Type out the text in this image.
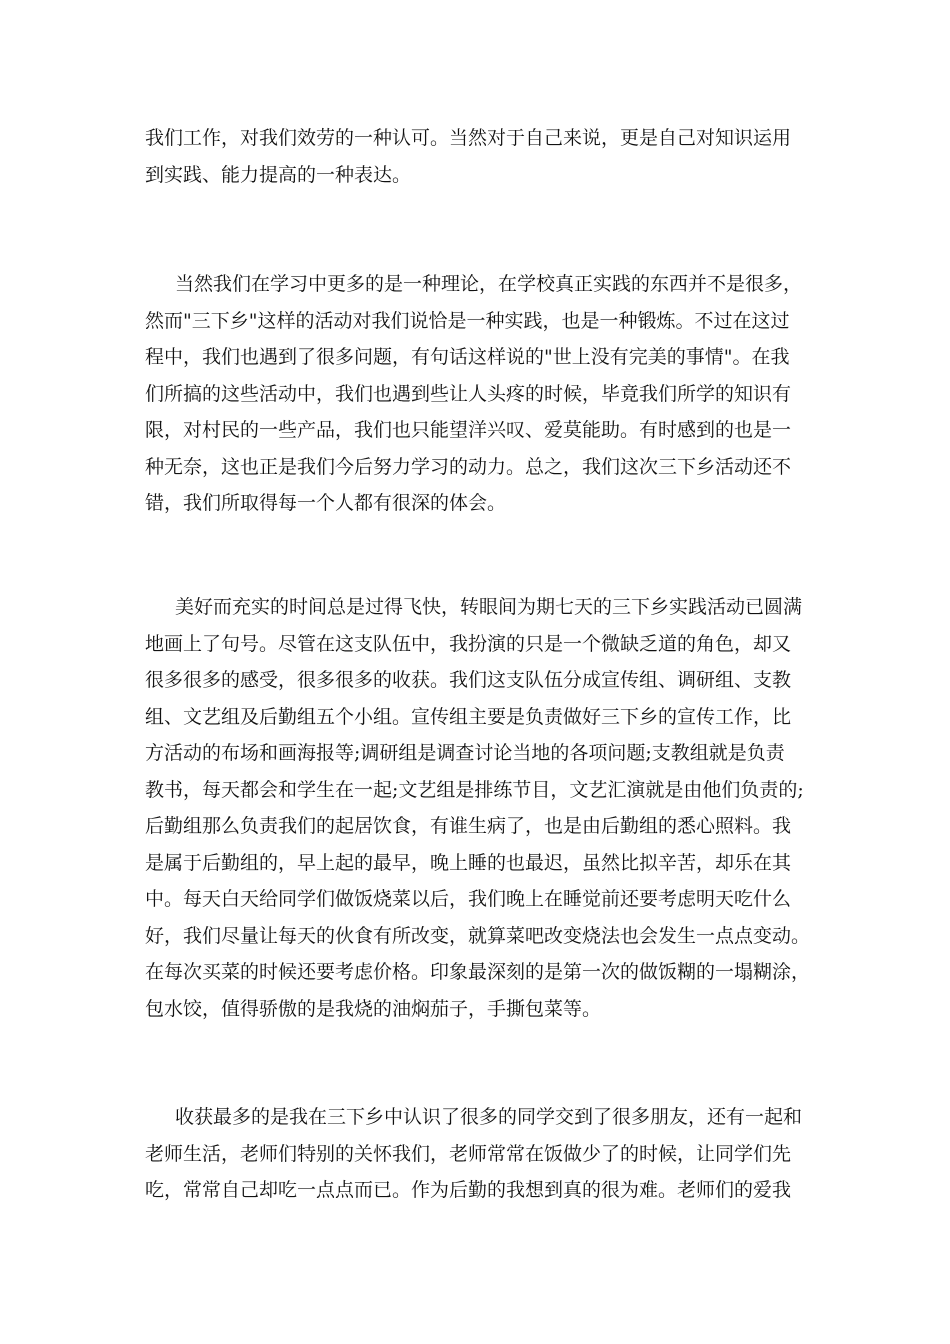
我们工作，对我们效劳的一种认可。当然对于自己来说，更是自己对知识运用
到实践、能力提高的一种表达。
当然我们在学习中更多的是一种理论，在学校真正实践的东西并不是很多，
然而"三下乡"这样的活动对我们说恰是一种实践，也是一种锻炼。不过在这过
程中，我们也遇到了很多问题，有句话这样说的"世上没有完美的事情"。在我
们所搞的这些活动中，我们也遇到些让人头疼的时候，毕竟我们所学的知识有
限，对村民的一些产品，我们也只能望洋兴叹、爱莫能助。有时感到的也是一
种无奈，这也正是我们今后努力学习的动力。总之，我们这次三下乡活动还不
错，我们所取得每一个人都有很深的体会。
美好而充实的时间总是过得飞快，转眼间为期七天的三下乡实践活动已圆满
地画上了句号。尽管在这支队伍中，我扮演的只是一个微缺乏道的角色，却又
很多很多的感受，很多很多的收获。我们这支队伍分成宣传组、调研组、支教
组、文艺组及后勤组五个小组。宣传组主要是负责做好三下乡的宣传工作，比
方活动的布场和画海报等;调研组是调查讨论当地的各项问题;支教组就是负责
教书，每天都会和学生在一起;文艺组是排练节目，文艺汇演就是由他们负责的;
后勤组那么负责我们的起居饮食，有谁生病了，也是由后勤组的悉心照料。我
是属于后勤组的，早上起的最早，晚上睡的也最迟，虽然比拟辛苦，却乐在其
中。每天白天给同学们做饭烧菜以后，我们晚上在睡觉前还要考虑明天吃什么
好，我们尽量让每天的伙食有所改变，就算菜吧改变烧法也会发生一点点变动。
在每次买菜的时候还要考虑价格。印象最深刻的是第一次的做饭糊的一塌糊涂，
包水饺，值得骄傲的是我烧的油焖茄子，手撕包菜等。
收获最多的是我在三下乡中认识了很多的同学交到了很多朋友，还有一起和
老师生活，老师们特别的关怀我们，老师常常在饭做少了的时候，让同学们先
吃，常常自己却吃一点点而已。作为后勤的我想到真的很为难。老师们的爱我
